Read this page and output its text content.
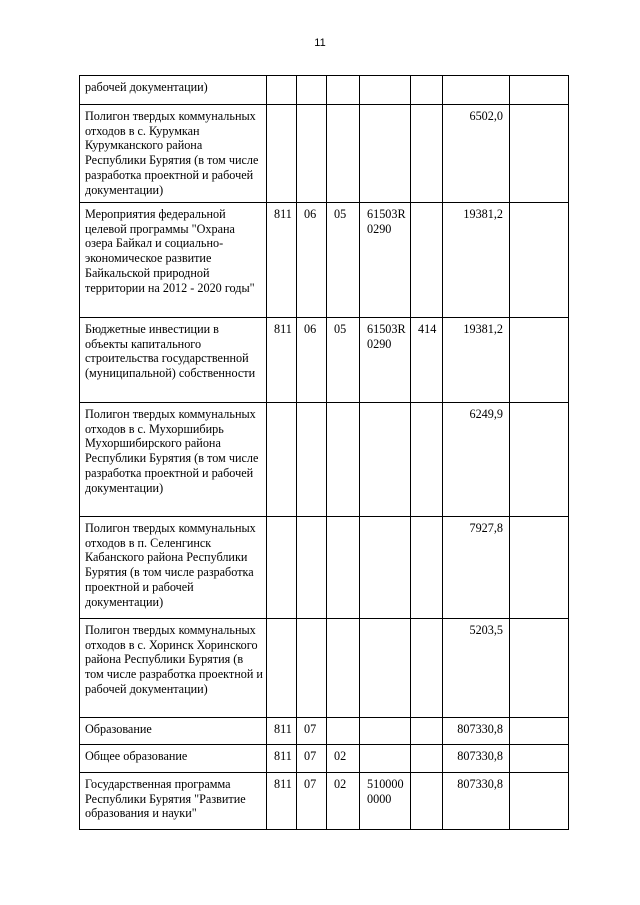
11
рабочей документации)							
Полигон твердых коммунальных отходов в с. Курумкан Курумканского района Республики Бурятия (в том числе разработка проектной и рабочей документации)						6502,0	
Мероприятия федеральной целевой программы "Охрана озера Байкал и социально-экономическое развитие Байкальской природной территории на 2012 - 2020 годы"	811	06	05	61503R0290		19381,2	
Бюджетные инвестиции в объекты капитального строительства государственной (муниципальной) собственности	811	06	05	61503R0290	414	19381,2	
Полигон твердых коммунальных отходов в с. Мухоршибирь Мухоршибирского района Республики Бурятия (в том числе разработка проектной и рабочей документации)						6249,9	
Полигон твердых коммунальных отходов в п. Селенгинск Кабанского района Республики Бурятия (в том числе разработка проектной и рабочей документации)						7927,8	
Полигон твердых коммунальных отходов в с. Хоринск Хоринского района Республики Бурятия (в том числе разработка проектной и рабочей документации)						5203,5	
Образование	811	07				807330,8	
Общее образование	811	07	02			807330,8	
Государственная программа Республики Бурятия "Развитие образования и науки"	811	07	02	5100000000		807330,8	
